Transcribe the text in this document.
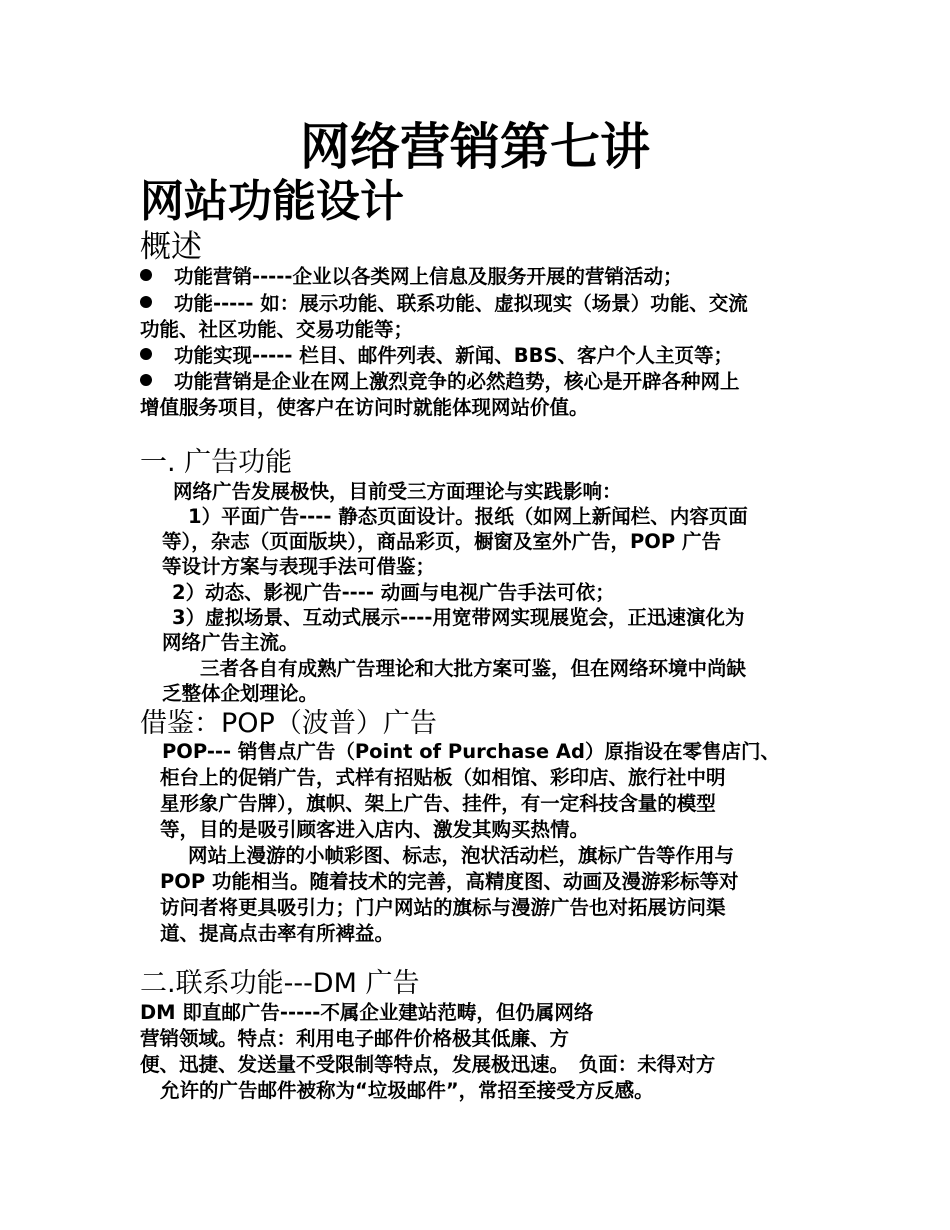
网络营销第七讲
网站功能设计
概述
功能营销-----企业以各类网上信息及服务开展的营销活动；
功能----- 如：展示功能、联系功能、虚拟现实（场景）功能、交流
功能、社区功能、交易功能等；
功能实现----- 栏目、邮件列表、新闻、BBS、客户个人主页等；
功能营销是企业在网上激烈竞争的必然趋势，核心是开辟各种网上
增值服务项目，使客户在访问时就能体现网站价值。
一. 广告功能
网络广告发展极快，目前受三方面理论与实践影响：
1）平面广告---- 静态页面设计。报纸（如网上新闻栏、内容页面
等），杂志（页面版块），商品彩页，橱窗及室外广告，POP 广告
等设计方案与表现手法可借鉴；
2）动态、影视广告---- 动画与电视广告手法可依；
3）虚拟场景、互动式展示----用宽带网实现展览会，正迅速演化为
网络广告主流。
三者各自有成熟广告理论和大批方案可鉴，但在网络环境中尚缺
乏整体企划理论。
借鉴：POP（波普）广告
POP--- 销售点广告（Point of Purchase Ad）原指设在零售店门、
柜台上的促销广告，式样有招贴板（如相馆、彩印店、旅行社中明
星形象广告牌），旗帜、架上广告、挂件，有一定科技含量的模型
等，目的是吸引顾客进入店内、激发其购买热情。
网站上漫游的小帧彩图、标志，泡状活动栏，旗标广告等作用与
POP 功能相当。随着技术的完善，高精度图、动画及漫游彩标等对
访问者将更具吸引力；门户网站的旗标与漫游广告也对拓展访问渠
道、提高点击率有所裨益。
二.联系功能---DM 广告
DM 即直邮广告-----不属企业建站范畴，但仍属网络
营销领域。特点：利用电子邮件价格极其低廉、方
便、迅捷、发送量不受限制等特点，发展极迅速。　负面：未得对方
允许的广告邮件被称为“垃圾邮件”，常招至接受方反感。
